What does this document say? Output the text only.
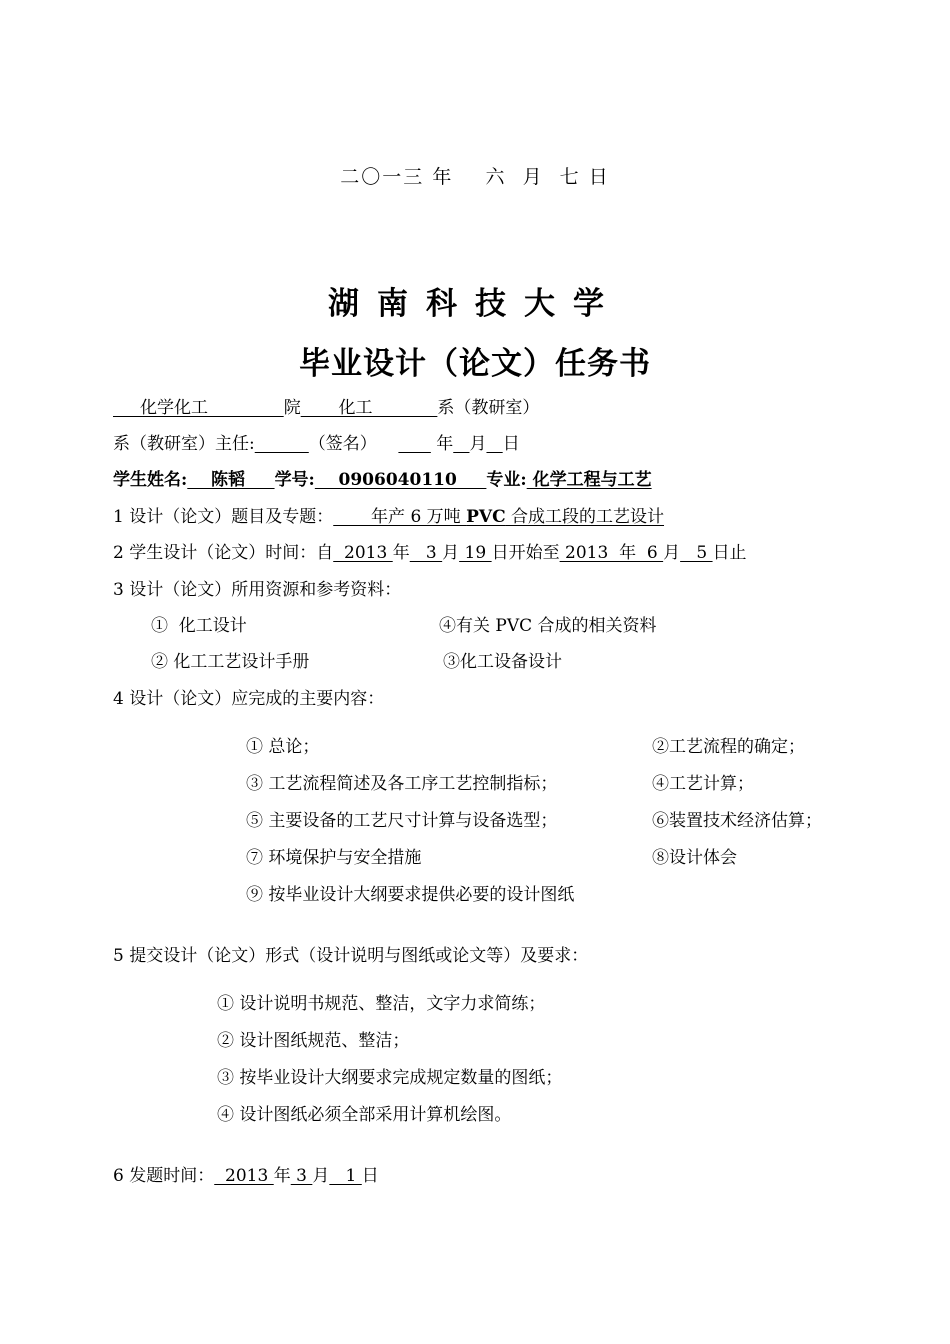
二〇一三 年    六  月  七 日
湖南科技大学
毕业设计（论文）任务书
化学化工              院       化工            系（教研室）
系（教研室）主任:	（签名）           年 月 日
学生姓名:    陈韬     学号:    0906040110     专业: 化学工程与工艺
1 设计（论文）题目及专题：       年产 6 万吨 PVC 合成工段的工艺设计
2 学生设计（论文）时间：自  2013 年   3 月 19 日开始至 2013  年  6 月   5 日止
3 设计（论文）所用资源和参考资料：
①  化工设计	④有关 PVC 合成的相关资料
② 化工工艺设计手册	③化工设备设计
4 设计（论文）应完成的主要内容：
① 总论；	②工艺流程的确定；
③ 工艺流程简述及各工序工艺控制指标；	④工艺计算；
⑤ 主要设备的工艺尺寸计算与设备选型；	⑥装置技术经济估算；
⑦ 环境保护与安全措施	⑧设计体会
⑨ 按毕业设计大纲要求提供必要的设计图纸
5 提交设计（论文）形式（设计说明与图纸或论文等）及要求：
① 设计说明书规范、整洁，文字力求简练；
② 设计图纸规范、整洁；
③ 按毕业设计大纲要求完成规定数量的图纸；
④ 设计图纸必须全部采用计算机绘图。
6 发题时间：  2013 年 3 月   1 日
